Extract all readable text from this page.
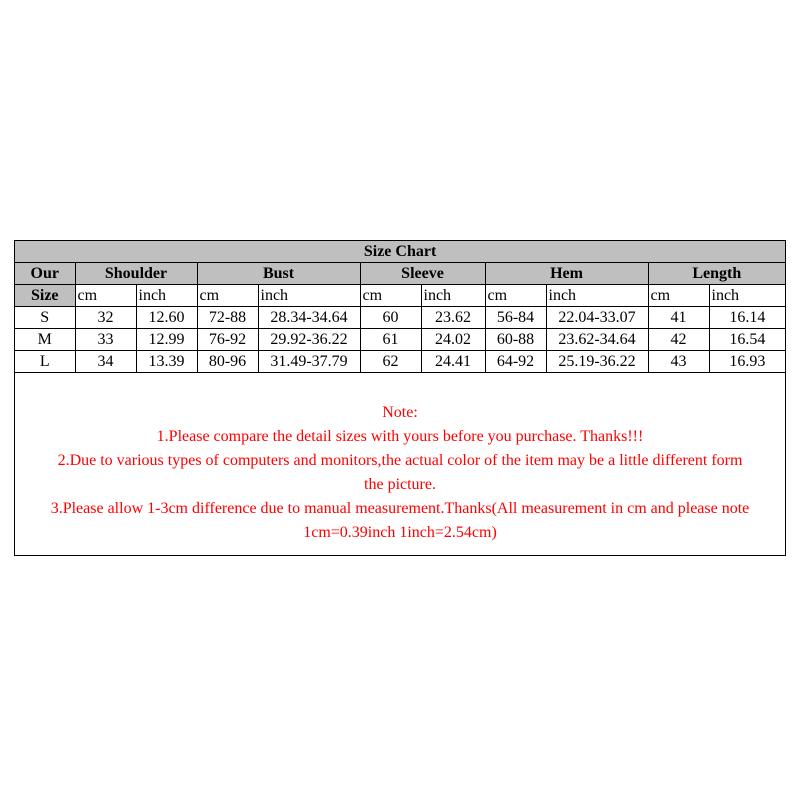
Size Chart										
Our	Shoulder		Bust		Sleeve		Hem		Length	
Size	cm	inch	cm	inch	cm	inch	cm	inch	cm	inch
S	32	12.60	72-88	28.34-34.64	60	23.62	56-84	22.04-33.07	41	16.14
M	33	12.99	76-92	29.92-36.22	61	24.02	60-88	23.62-34.64	42	16.54
L	34	13.39	80-96	31.49-37.79	62	24.41	64-92	25.19-36.22	43	16.93
Note:
1.Please compare the detail sizes with yours before you purchase. Thanks!!!
2.Due to various types of computers and monitors,the actual color of the item may be a little different form
the picture.
3.Please allow 1-3cm difference due to manual measurement.Thanks(All measurement in cm and please note
1cm=0.39inch 1inch=2.54cm)
